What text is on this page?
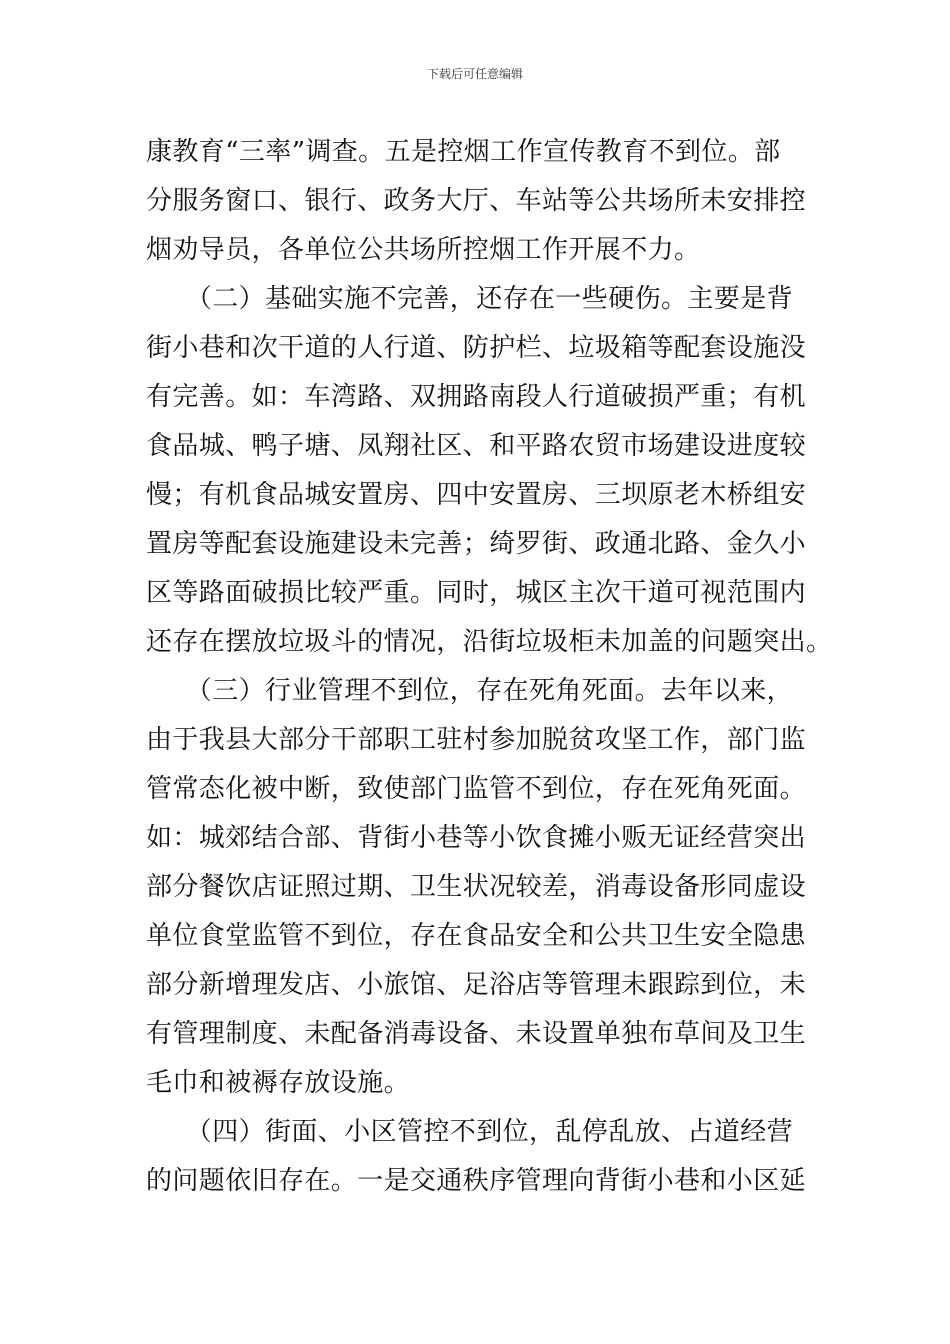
下载后可任意编辑
康教育“三率”调查。五是控烟工作宣传教育不到位。部
分服务窗口、银行、政务大厅、车站等公共场所未安排控
烟劝导员，各单位公共场所控烟工作开展不力。
　　（二）基础实施不完善，还存在一些硬伤。主要是背
街小巷和次干道的人行道、防护栏、垃圾箱等配套设施没
有完善。如：车湾路、双拥路南段人行道破损严重；有机
食品城、鸭子塘、凤翔社区、和平路农贸市场建设进度较
慢；有机食品城安置房、四中安置房、三坝原老木桥组安
置房等配套设施建设未完善；绮罗街、政通北路、金久小
区等路面破损比较严重。同时，城区主次干道可视范围内
还存在摆放垃圾斗的情况，沿街垃圾柜未加盖的问题突出。
　　（三）行业管理不到位，存在死角死面。去年以来，
由于我县大部分干部职工驻村参加脱贫攻坚工作，部门监
管常态化被中断，致使部门监管不到位，存在死角死面。
如：城郊结合部、背街小巷等小饮食摊小贩无证经营突出
部分餐饮店证照过期、卫生状况较差，消毒设备形同虚设
单位食堂监管不到位，存在食品安全和公共卫生安全隐患
部分新增理发店、小旅馆、足浴店等管理未跟踪到位，未
有管理制度、未配备消毒设备、未设置单独布草间及卫生
毛巾和被褥存放设施。
　　（四）街面、小区管控不到位，乱停乱放、占道经营
的问题依旧存在。一是交通秩序管理向背街小巷和小区延
